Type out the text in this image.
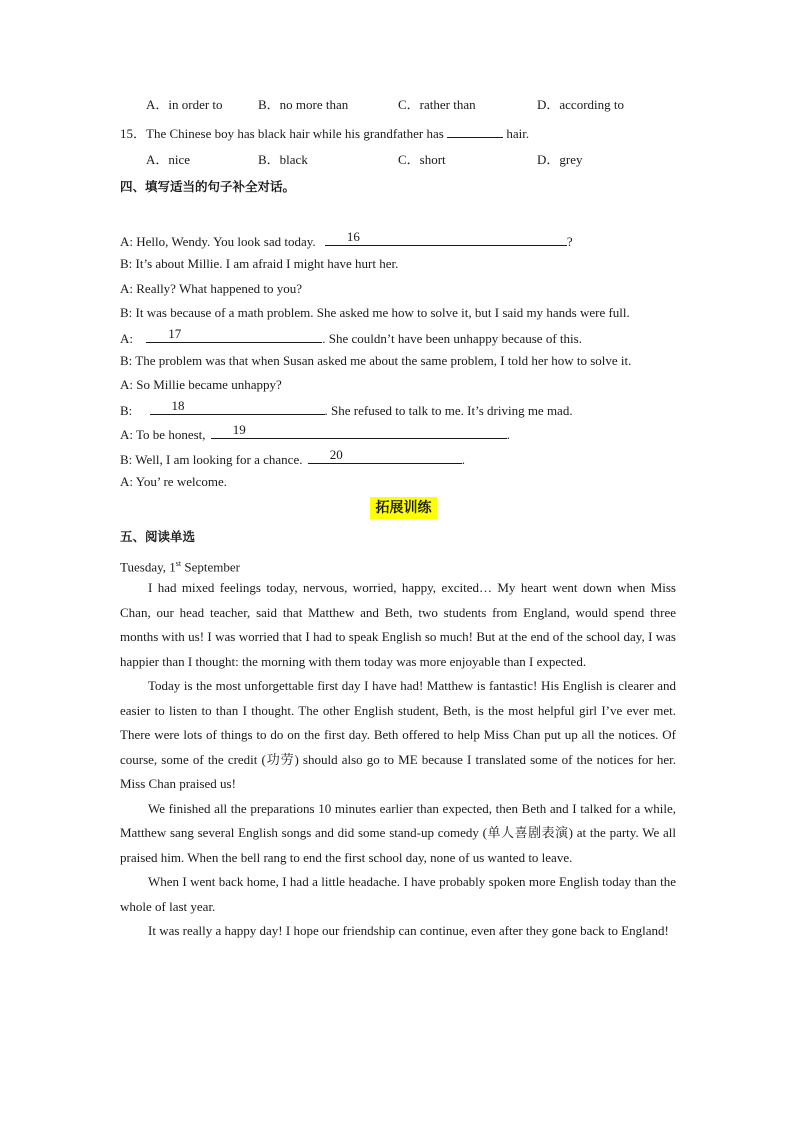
A．in order to	B．no more than	C．rather than	D．according to
15．The Chinese boy has black hair while his grandfather has	hair.
A．nice	B．black	C．short	D．grey
四、填写适当的句子补全对话。
A: Hello, Wendy. You look sad today. 16	?
B: It’s about Millie. I am afraid I might have hurt her.
A: Really? What happened to you?
B: It was because of a math problem. She asked me how to solve it, but I said my hands were full.
A:	17	. She couldn’t have been unhappy because of this.
B: The problem was that when Susan asked me about the same problem, I told her how to solve it.
A: So Millie became unhappy?
B:	18	. She refused to talk to me. It’s driving me mad.
A: To be honest, 19	.
B: Well, I am looking for a chance. 20	.
A: You’ re welcome.
拓展训练
五、阅读单选
Tuesday, 1st September

I had mixed feelings today, nervous, worried, happy, excited… My heart went down when Miss Chan, our head teacher, said that Matthew and Beth, two students from England, would spend three months with us! I was worried that I had to speak English so much! But at the end of the school day, I was happier than I thought: the morning with them today was more enjoyable than I expected.

Today is the most unforgettable first day I have had! Matthew is fantastic! His English is clearer and easier to listen to than I thought. The other English student, Beth, is the most helpful girl I’ve ever met. There were lots of things to do on the first day. Beth offered to help Miss Chan put up all the notices. Of course, some of the credit (功劳) should also go to ME because I translated some of the notices for her. Miss Chan praised us!

We finished all the preparations 10 minutes earlier than expected, then Beth and I talked for a while, Matthew sang several English songs and did some stand-up comedy (单人喜剧表演) at the party. We all praised him. When the bell rang to end the first school day, none of us wanted to leave.

When I went back home, I had a little headache. I have probably spoken more English today than the whole of last year.

It was really a happy day! I hope our friendship can continue, even after they gone back to England!
